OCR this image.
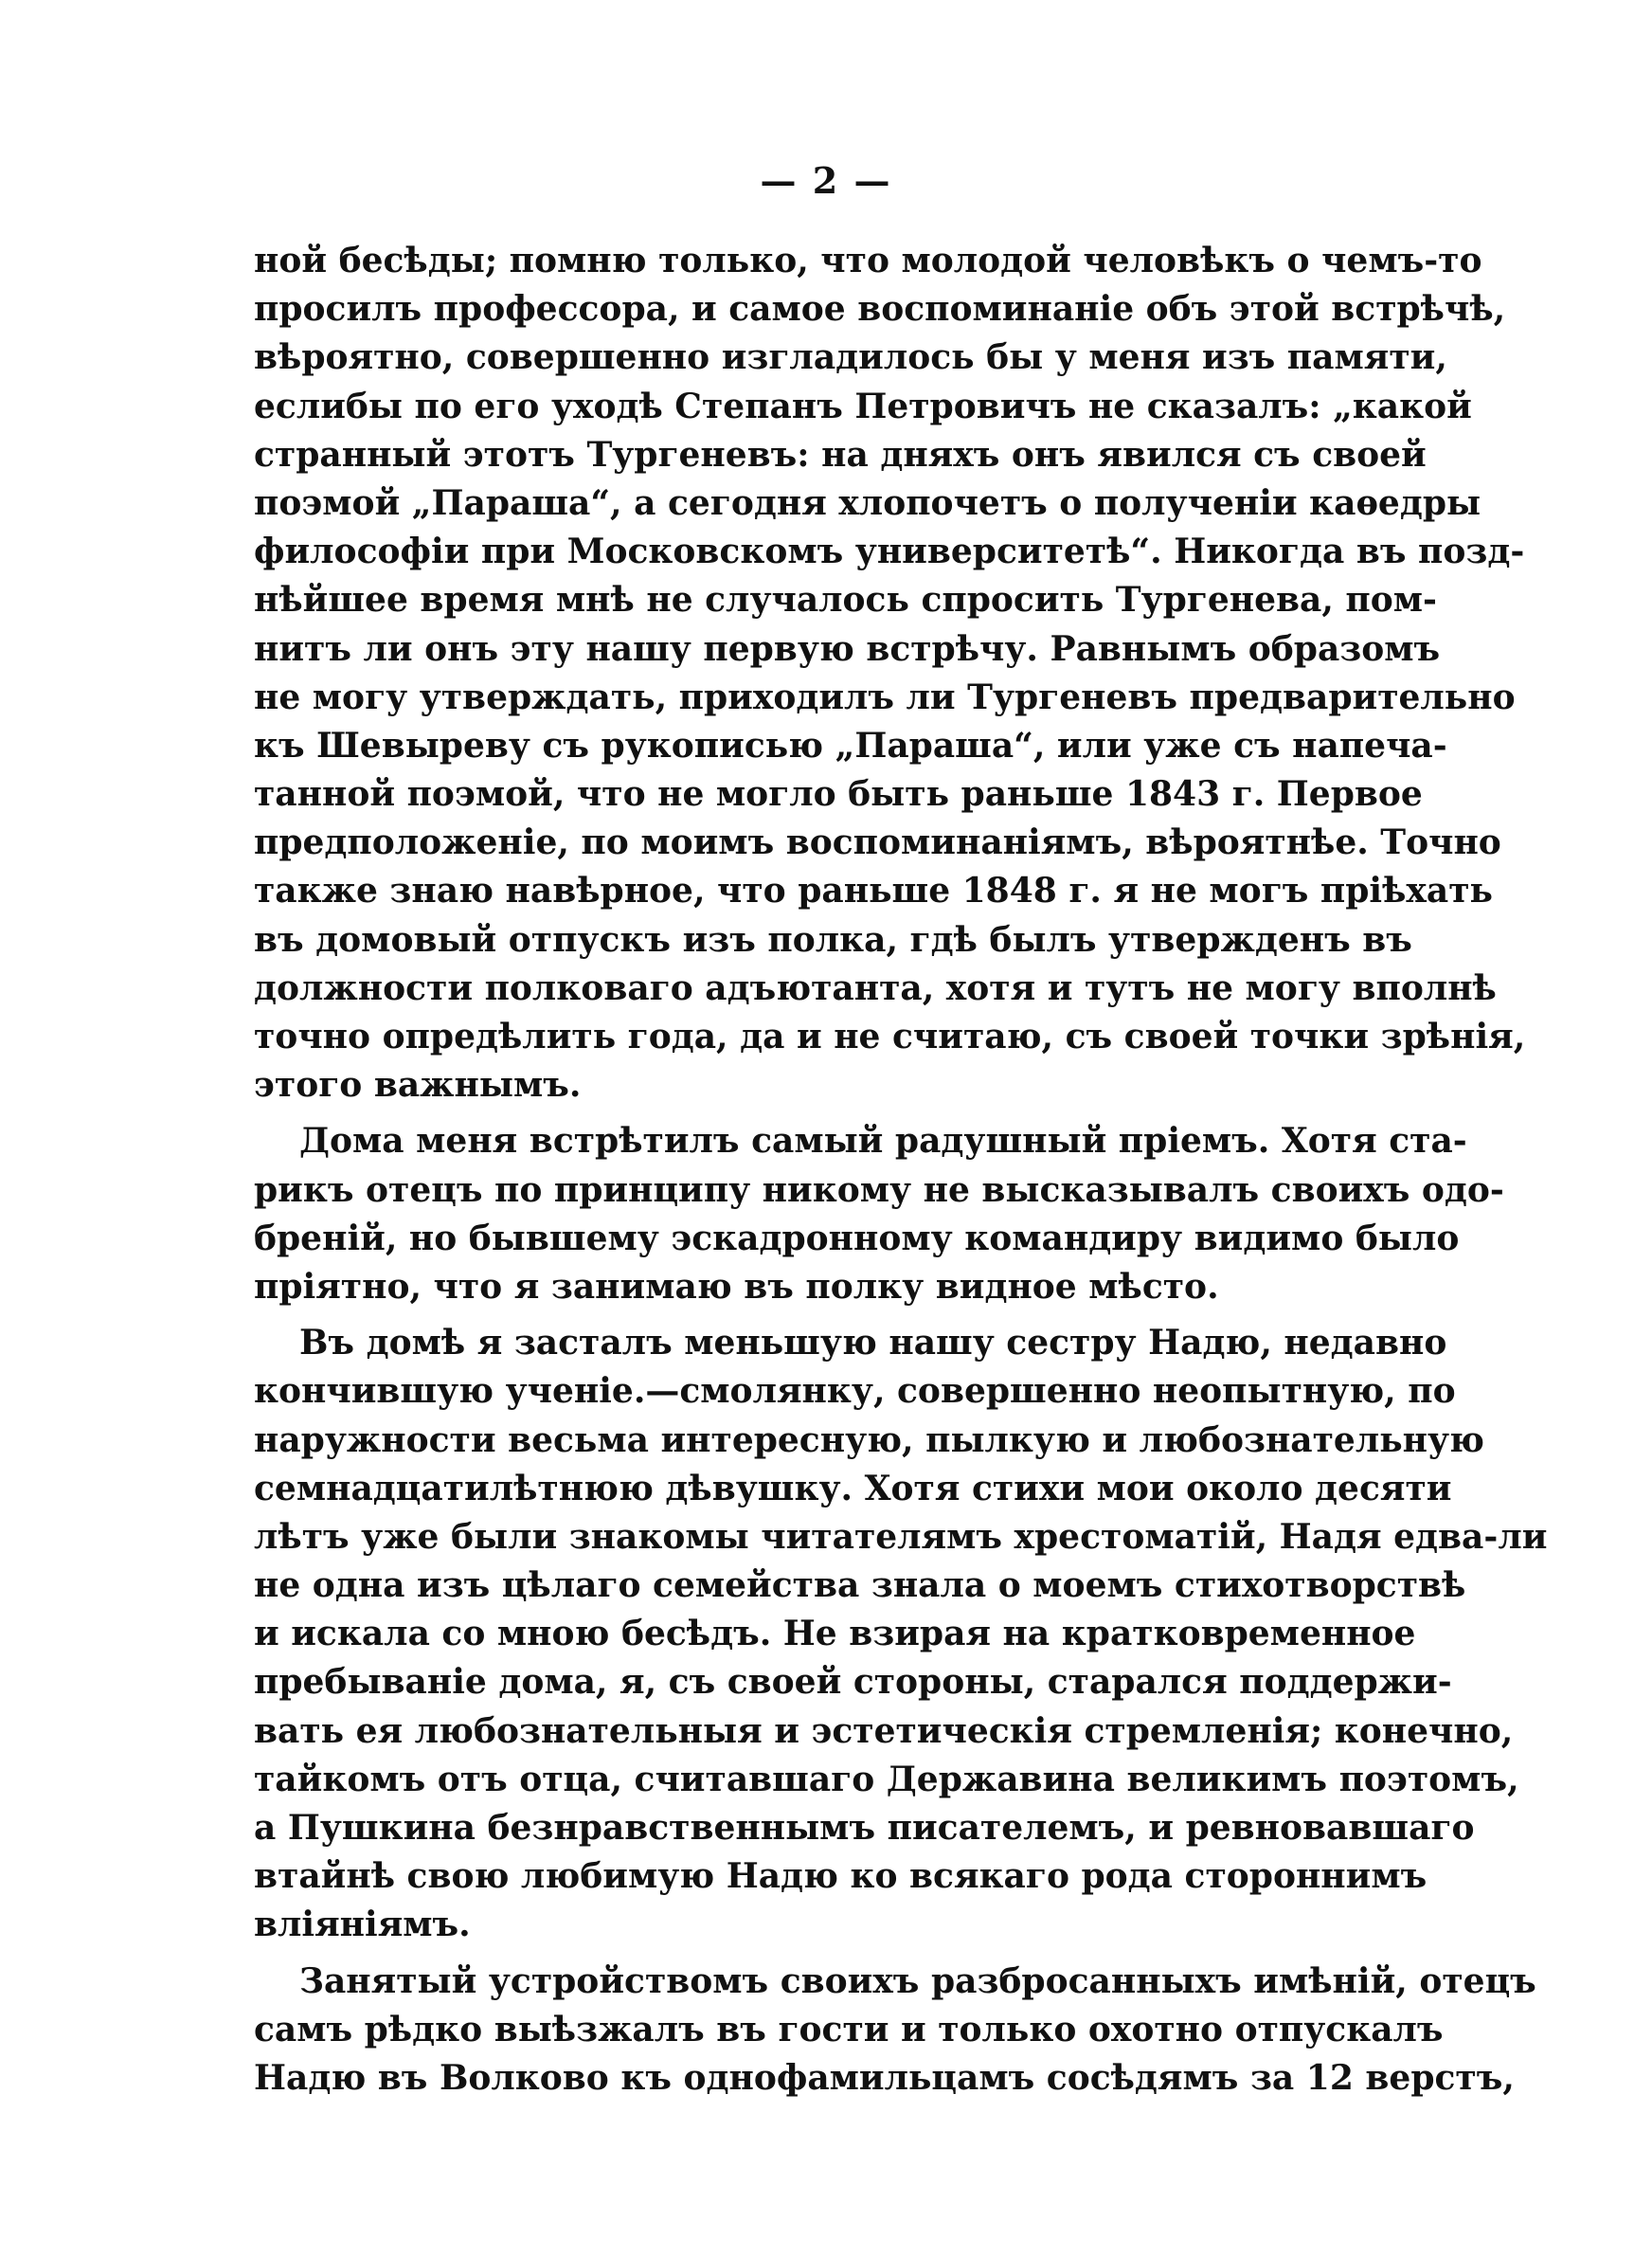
— 2 —
ной бесѣды; помню только, что молодой человѣкъ о чемъ-то
просилъ профессора, и самое воспоминаніе объ этой встрѣчѣ,
вѣроятно, совершенно изгладилось бы у меня изъ памяти,
еслибы по его уходѣ Степанъ Петровичъ не сказалъ: „какой
странный этотъ Тургеневъ: на дняхъ онъ явился съ своей
поэмой „Параша“, а сегодня хлопочетъ о полученіи каѳедры
философіи при Московскомъ университетѣ“. Никогда въ позд-
нѣйшее время мнѣ не случалось спросить Тургенева, пом-
нитъ ли онъ эту нашу первую встрѣчу. Равнымъ образомъ
не могу утверждать, приходилъ ли Тургеневъ предварительно
къ Шевыреву съ рукописью „Параша“, или уже съ напеча-
танной поэмой, что не могло быть раньше 1843 г. Первое
предположеніе, по моимъ воспоминаніямъ, вѣроятнѣе. Точно
также знаю навѣрное, что раньше 1848 г. я не могъ пріѣхать
въ домовый отпускъ изъ полка, гдѣ былъ утвержденъ въ
должности полковаго адъютанта, хотя и тутъ не могу вполнѣ
точно опредѣлить года, да и не считаю, съ своей точки зрѣнія,
этого важнымъ.
Дома меня встрѣтилъ самый радушный пріемъ. Хотя ста-
рикъ отецъ по принципу никому не высказывалъ своихъ одо-
бреній, но бывшему эскадронному командиру видимо было
пріятно, что я занимаю въ полку видное мѣсто.
Въ домѣ я засталъ меньшую нашу сестру Надю, недавно
кончившую ученіе.—смолянку, совершенно неопытную, по
наружности весьма интересную, пылкую и любознательную
семнадцатилѣтнюю дѣвушку. Хотя стихи мои около десяти
лѣтъ уже были знакомы читателямъ хрестоматій, Надя едва-ли
не одна изъ цѣлаго семейства знала о моемъ стихотворствѣ
и искала со мною бесѣдъ. Не взирая на кратковременное
пребываніе дома, я, съ своей стороны, старался поддержи-
вать ея любознательныя и эстетическія стремленія; конечно,
тайкомъ отъ отца, считавшаго Державина великимъ поэтомъ,
а Пушкина безнравственнымъ писателемъ, и ревновавшаго
втайнѣ свою любимую Надю ко всякаго рода стороннимъ
вліяніямъ.
Занятый устройствомъ своихъ разбросанныхъ имѣній, отецъ
самъ рѣдко выѣзжалъ въ гости и только охотно отпускалъ
Надю въ Волково къ однофамильцамъ сосѣдямъ за 12 верстъ,
